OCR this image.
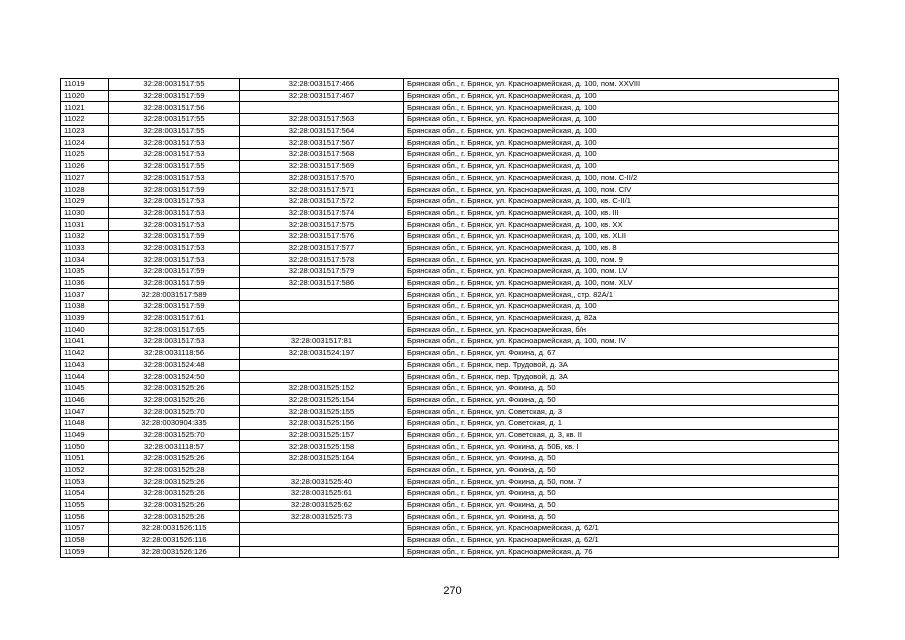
11019	32:28:0031517:55	32:28:0031517:466	Брянская обл., г. Брянск, ул. Красноармейская, д. 100, пом. XXVIII
11020	32:28:0031517:59	32:28:0031517:467	Брянская обл., г. Брянск, ул. Красноармейская, д. 100
11021	32:28:0031517:56		Брянская обл., г. Брянск, ул. Красноармейская, д. 100
11022	32:28:0031517:55	32:28:0031517:563	Брянская обл., г. Брянск, ул. Красноармейская, д. 100
11023	32:28:0031517:55	32:28:0031517:564	Брянская обл., г. Брянск, ул. Красноармейская, д. 100
11024	32:28:0031517:53	32:28:0031517:567	Брянская обл., г. Брянск, ул. Красноармейская, д. 100
11025	32:28:0031517:53	32:28:0031517:568	Брянская обл., г. Брянск, ул. Красноармейская, д. 100
11026	32:28:0031517:55	32:28:0031517:569	Брянская обл., г. Брянск, ул. Красноармейская, д. 100
11027	32:28:0031517:53	32:28:0031517:570	Брянская обл., г. Брянск, ул. Красноармейская, д. 100, пом. С-II/2
11028	32:28:0031517:59	32:28:0031517:571	Брянская обл., г. Брянск, ул. Красноармейская, д. 100, пом. CIV
11029	32:28:0031517:53	32:28:0031517:572	Брянская обл., г. Брянск, ул. Красноармейская, д. 100, кв. С-II/1
11030	32:28:0031517:53	32:28:0031517:574	Брянская обл., г. Брянск, ул. Красноармейская, д. 100, кв. III
11031	32:28:0031517:53	32:28:0031517:575	Брянская обл., г. Брянск, ул. Красноармейская, д. 100, кв. XX
11032	32:28:0031517:59	32:28:0031517:576	Брянская обл., г. Брянск, ул. Красноармейская, д. 100, кв. XLII
11033	32:28:0031517:53	32:28:0031517:577	Брянская обл., г. Брянск, ул. Красноармейская, д. 100, кв. 8
11034	32:28:0031517:53	32:28:0031517:578	Брянская обл., г. Брянск, ул. Красноармейская, д. 100, пом. 9
11035	32:28:0031517:59	32:28:0031517:579	Брянская обл., г. Брянск, ул. Красноармейская, д. 100, пом. LV
11036	32:28:0031517:59	32:28:0031517:586	Брянская обл., г. Брянск, ул. Красноармейская, д. 100, пом. XLV
11037	32:28:0031517:589		Брянская обл., г. Брянск, ул. Красноармейская,, стр. 82А/1
11038	32:28:0031517:59		Брянская обл., г. Брянск, ул. Красноармейская, д. 100
11039	32:28:0031517:61		Брянская обл., г. Брянск, ул. Красноармейская, д. 82а
11040	32:28:0031517:65		Брянская обл., г. Брянск, ул. Красноармейская, б/н
11041	32:28:0031517:53	32:28:0031517:81	Брянская обл., г. Брянск, ул. Красноармейская, д. 100, пом. IV
11042	32:28:0031118:56	32:28:0031524:197	Брянская обл., г. Брянск, ул. Фокина, д. 67
11043	32:28:0031524:48		Брянская обл., г. Брянск, пер. Трудовой, д. 3А
11044	32:28:0031524:50		Брянская обл., г. Брянск, пер. Трудовой, д. 3А
11045	32:28:0031525:26	32:28:0031525:152	Брянская обл., г. Брянск, ул. Фокина, д. 50
11046	32:28:0031525:26	32:28:0031525:154	Брянская обл., г. Брянск, ул. Фокина, д. 50
11047	32:28:0031525:70	32:28:0031525:155	Брянская обл., г. Брянск, ул. Советская, д. 3
11048	32:28:0030904:335	32:28:0031525:156	Брянская обл., г. Брянск, ул. Советская, д. 1
11049	32:28:0031525:70	32:28:0031525:157	Брянская обл., г. Брянск, ул. Советская, д. 3, кв. II
11050	32:28:0031118:57	32:28:0031525:158	Брянская обл., г. Брянск, ул. Фокина, д. 50Б, кв. I
11051	32:28:0031525:26	32:28:0031525:164	Брянская обл., г. Брянск, ул. Фокина, д. 50
11052	32:28:0031525:28		Брянская обл., г. Брянск, ул. Фокина, д. 50
11053	32:28:0031525:26	32:28:0031525:40	Брянская обл., г. Брянск, ул. Фокина, д. 50, пом. 7
11054	32:28:0031525:26	32:28:0031525:61	Брянская обл., г. Брянск, ул. Фокина, д. 50
11055	32:28:0031525:26	32:28:0031525:62	Брянская обл., г. Брянск, ул. Фокина, д. 50
11056	32:28:0031525:26	32:28:0031525:73	Брянская обл., г. Брянск, ул. Фокина, д. 50
11057	32:28:0031526:115		Брянская обл., г. Брянск, ул. Красноармейская, д. 62/1
11058	32:28:0031526:116		Брянская обл., г. Брянск, ул. Красноармейская, д. 62/1
11059	32:28:0031526:126		Брянская обл., г. Брянск, ул. Красноармейская, д. 76
270
